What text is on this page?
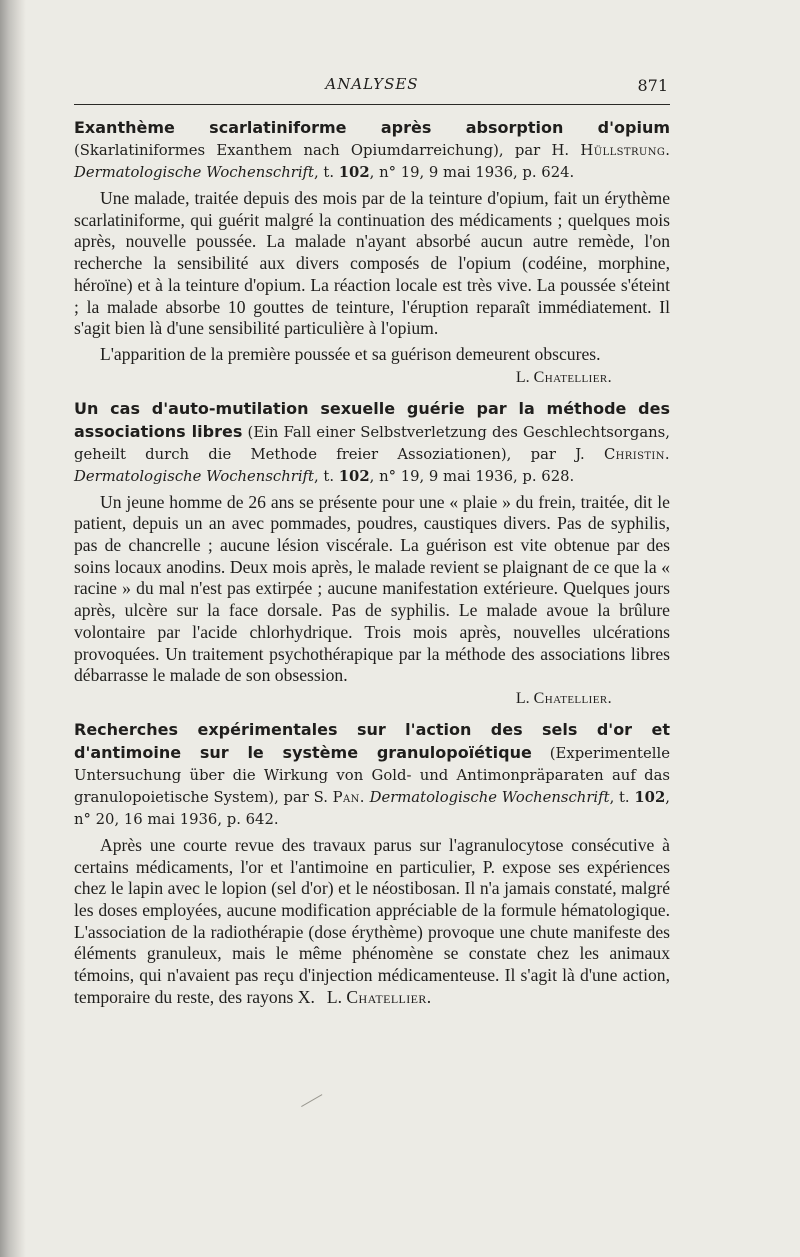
ANALYSES	871
Exanthème scarlatiniforme après absorption d'opium (Skarlatiniformes Exanthem nach Opiumdarreichung), par H. Hüllstrung. Dermatologische Wochenschrift, t. 102, n° 19, 9 mai 1936, p. 624.

Une malade, traitée depuis des mois par de la teinture d'opium, fait un érythème scarlatiniforme, qui guérit malgré la continuation des médicaments ; quelques mois après, nouvelle poussée. La malade n'ayant absorbé aucun autre remède, l'on recherche la sensibilité aux divers composés de l'opium (codéine, morphine, héroïne) et à la teinture d'opium. La réaction locale est très vive. La poussée s'éteint ; la malade absorbe 10 gouttes de teinture, l'éruption reparaît immédiatement. Il s'agit bien là d'une sensibilité particulière à l'opium.

L'apparition de la première poussée et sa guérison demeurent obscures.

L. Chatellier.
Un cas d'auto-mutilation sexuelle guérie par la méthode des associations libres (Ein Fall einer Selbstverletzung des Geschlechtsorgans, geheilt durch die Methode freier Assoziationen), par J. Christin. Dermatologische Wochenschrift, t. 102, n° 19, 9 mai 1936, p. 628.

Un jeune homme de 26 ans se présente pour une « plaie » du frein, traitée, dit le patient, depuis un an avec pommades, poudres, caustiques divers. Pas de syphilis, pas de chancrelle ; aucune lésion viscérale. La guérison est vite obtenue par des soins locaux anodins. Deux mois après, le malade revient se plaignant de ce que la « racine » du mal n'est pas extirpée ; aucune manifestation extérieure. Quelques jours après, ulcère sur la face dorsale. Pas de syphilis. Le malade avoue la brûlure volontaire par l'acide chlorhydrique. Trois mois après, nouvelles ulcérations provoquées. Un traitement psychothérapique par la méthode des associations libres débarrasse le malade de son obsession.

L. Chatellier.
Recherches expérimentales sur l'action des sels d'or et d'antimoine sur le système granulopoïétique (Experimentelle Untersuchung über die Wirkung von Gold- und Antimonpräparaten auf das granulopoietische System), par S. Pan. Dermatologische Wochenschrift, t. 102, n° 20, 16 mai 1936, p. 642.

Après une courte revue des travaux parus sur l'agranulocytose consécutive à certains médicaments, l'or et l'antimoine en particulier, P. expose ses expériences chez le lapin avec le lopion (sel d'or) et le néostibosan. Il n'a jamais constaté, malgré les doses employées, aucune modification appréciable de la formule hématologique. L'association de la radiothérapie (dose érythème) provoque une chute manifeste des éléments granuleux, mais le même phénomène se constate chez les animaux témoins, qui n'avaient pas reçu d'injection médicamenteuse. Il s'agit là d'une action, temporaire du reste, des rayons X. L. Chatellier.
